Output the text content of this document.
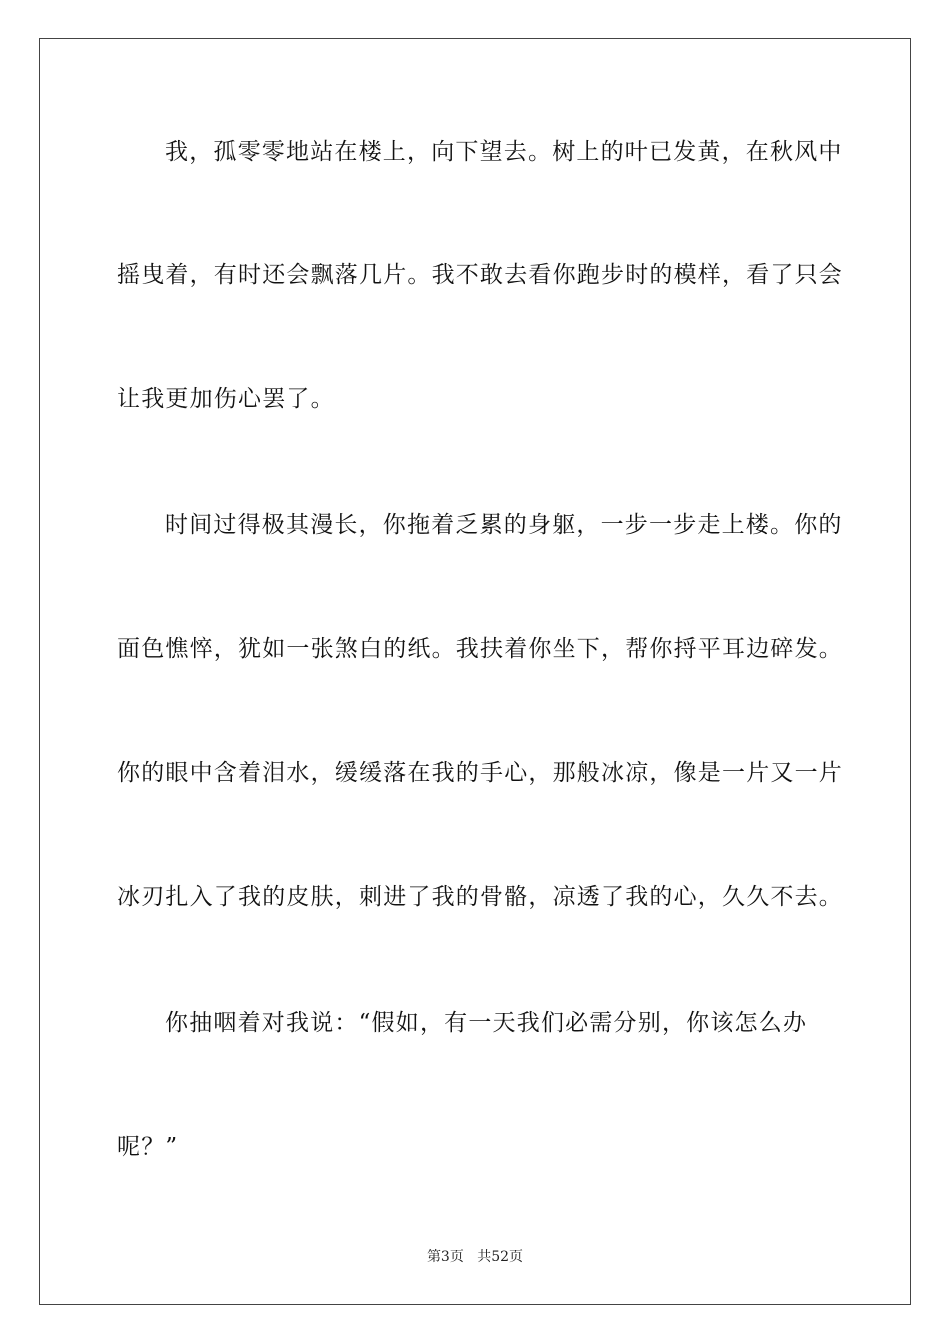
我，孤零零地站在楼上，向下望去。树上的叶已发黄，在秋风中
摇曳着，有时还会飘落几片。我不敢去看你跑步时的模样，看了只会
让我更加伤心罢了。
时间过得极其漫长，你拖着乏累的身躯，一步一步走上楼。你的
面色憔悴，犹如一张煞白的纸。我扶着你坐下，帮你捋平耳边碎发。
你的眼中含着泪水，缓缓落在我的手心，那般冰凉，像是一片又一片
冰刃扎入了我的皮肤，刺进了我的骨骼，凉透了我的心，久久不去。
你抽咽着对我说：“假如，有一天我们必需分别，你该怎么办
呢？”
第3页 共52页
